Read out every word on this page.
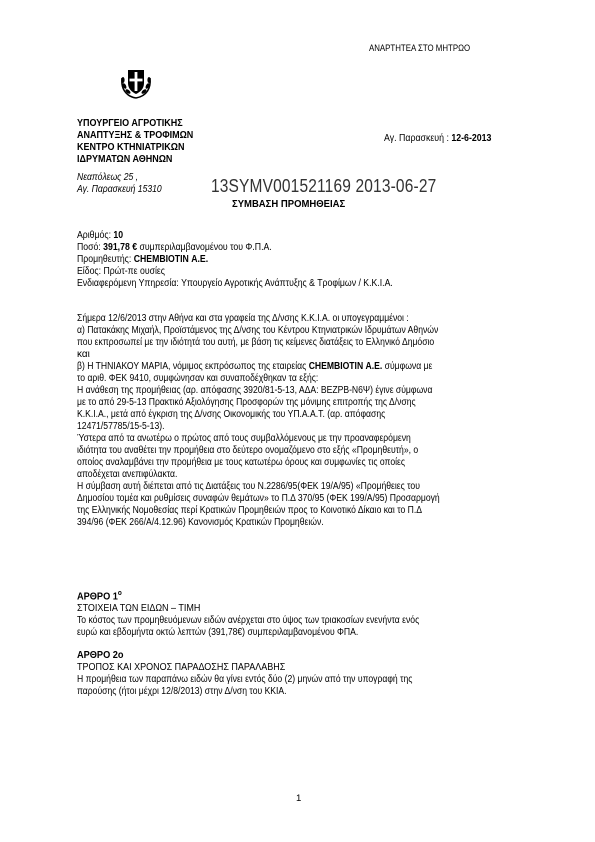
ΑΝΑΡΤΗΤΕΑ ΣΤΟ ΜΗΤΡΩΟ
ΥΠΟΥΡΓΕΙΟ ΑΓΡΟΤΙΚΗΣ
ΑΝΑΠΤΥΞΗΣ & ΤΡΟΦΙΜΩΝ
ΚΕΝΤΡΟ ΚΤΗΝΙΑΤΡΙΚΩΝ
ΙΔΡΥΜΑΤΩΝ ΑΘΗΝΩΝ
Νεαπόλεως 25 ,
Αγ. Παρασκευή 15310
Αγ. Παρασκευή : 12-6-2013
13SYMV001521169 2013-06-27
ΣΥΜΒΑΣΗ ΠΡΟΜΗΘΕΙΑΣ
Αριθμός: 10
Ποσό: 391,78 € συμπεριλαμβανομένου του Φ.Π.Α.
Προμηθευτής: CHEMBIOTIN Α.Ε.
Είδος: Πρώτ-πε ουσίες
Ενδιαφερόμενη Υπηρεσία: Υπουργείο Αγροτικής Ανάπτυξης & Τροφίμων / Κ.Κ.Ι.Α.
Σήμερα 12/6/2013 στην Αθήνα και στα γραφεία της Δ/νσης Κ.Κ.Ι.Α. οι υπογεγραμμένοι :
α) Πατακάκης Μιχαήλ, Προϊστάμενος της Δ/νσης του Κέντρου Κτηνιατρικών Ιδρυμάτων Αθηνών
που εκπροσωπεί με την ιδιότητά του αυτή, με βάση τις κείμενες διατάξεις το Ελληνικό Δημόσιο
και
β) Η ΤΗΝΙΑΚΟΥ ΜΑΡΙΑ, νόμιμος εκπρόσωπος της εταιρείας CHEMBIOTIN Α.Ε. σύμφωνα με
το αριθ. ΦΕΚ 9410, συμφώνησαν και συναποδέχθηκαν τα εξής:
Η ανάθεση της προμήθειας (αρ. απόφασης 3920/81-5-13, ΑΔΑ: ΒΕΖΡΒ-Ν6Ψ) έγινε σύμφωνα
με το από 29-5-13 Πρακτικό Αξιολόγησης Προσφορών της μόνιμης επιτροπής της Δ/νσης
Κ.Κ.Ι.Α., μετά από έγκριση της Δ/νσης Οικονομικής του ΥΠ.Α.Α.Τ. (αρ. απόφασης
12471/57785/15-5-13).
Ύστερα από τα ανωτέρω ο πρώτος από τους συμβαλλόμενους με την προαναφερόμενη
ιδιότητα του αναθέτει την προμήθεια στο δεύτερο ονομαζόμενο στο εξής «Προμηθευτή», ο
οποίος αναλαμβάνει την προμήθεια με τους κατωτέρω όρους και συμφωνίες τις οποίες
αποδέχεται ανεπιφύλακτα.
Η σύμβαση αυτή διέπεται από τις Διατάξεις του Ν.2286/95(ΦΕΚ 19/Α/95) «Προμήθειες του
Δημοσίου τομέα και ρυθμίσεις συναφών θεμάτων» το Π.Δ 370/95 (ΦΕΚ 199/Α/95) Προσαρμογή
της Ελληνικής Νομοθεσίας περί Κρατικών Προμηθειών προς το Κοινοτικό Δίκαιο και το Π.Δ
394/96 (ΦΕΚ 266/Α/4.12.96) Κανονισμός Κρατικών Προμηθειών.
ΑΡΘΡΟ $1^o$
ΣΤΟΙΧΕΙΑ ΤΩΝ ΕΙΔΩΝ – ΤΙΜΗ
Το κόστος των προμηθευόμενων ειδών ανέρχεται στο ύψος των τριακοσίων ενενήντα ενός
ευρώ και εβδομήντα οκτώ λεπτών (391,78€) συμπεριλαμβανομένου ΦΠΑ.
ΑΡΘΡΟ 2ο
ΤΡΟΠΟΣ ΚΑΙ ΧΡΟΝΟΣ ΠΑΡΑΔΟΣΗΣ ΠΑΡΑΛΑΒΗΣ
Η προμήθεια των παραπάνω ειδών θα γίνει εντός δύο (2) μηνών από την υπογραφή της
παρούσης (ήτοι μέχρι 12/8/2013) στην Δ/νση του ΚΚΙΑ.
1
